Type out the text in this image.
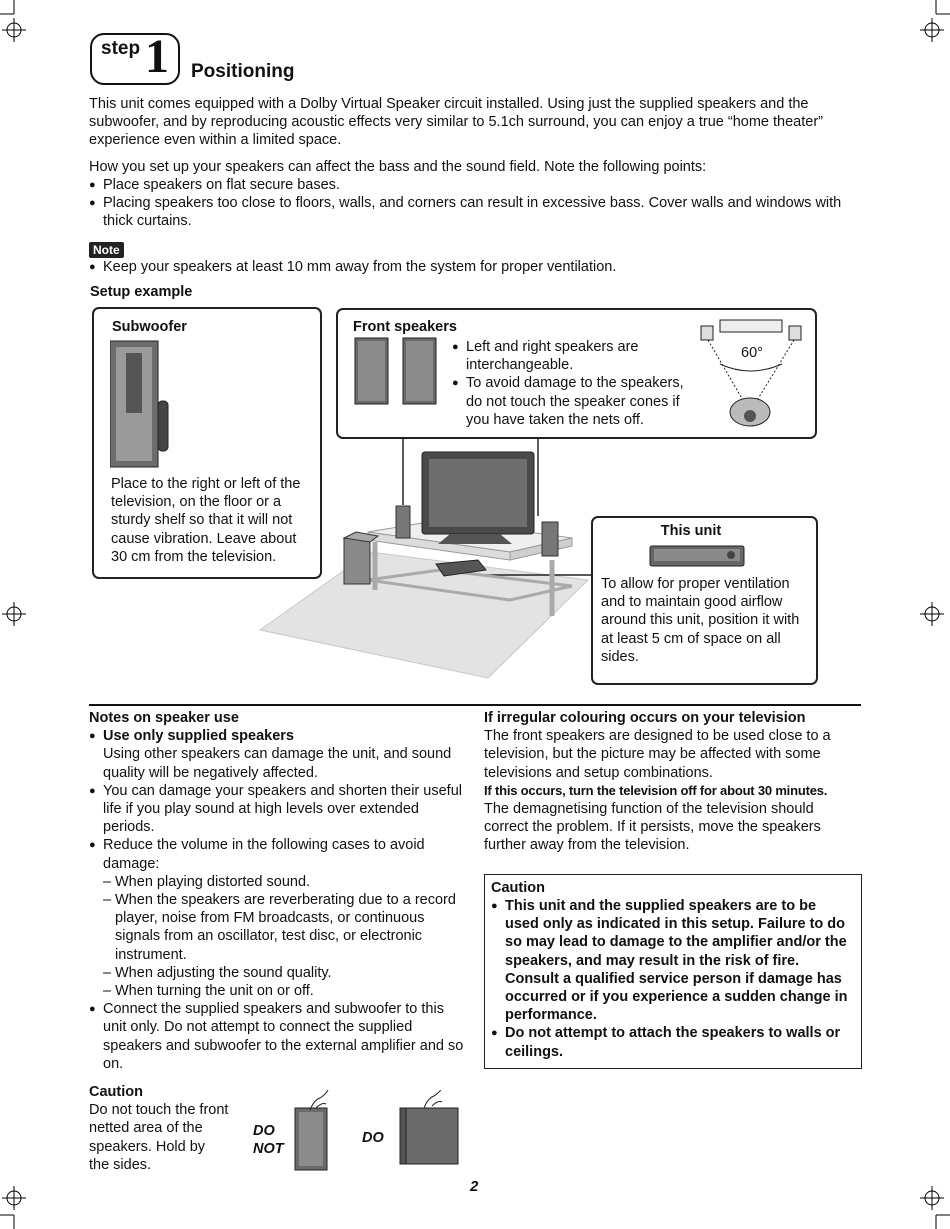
step 1 Positioning

This unit comes equipped with a Dolby Virtual Speaker circuit installed. Using just the supplied speakers and the subwoofer, and by reproducing acoustic effects very similar to 5.1ch surround, you can enjoy a true “home theater” experience even within a limited space.

How you set up your speakers can affect the bass and the sound field. Note the following points:

● Place speakers on flat secure bases.
● Placing speakers too close to floors, walls, and corners can result in excessive bass. Cover walls and windows with thick curtains.
Note
● Keep your speakers at least 10 mm away from the system for proper ventilation.
Setup example
Subwoofer

Place to the right or left of the television, on the floor or a sturdy shelf so that it will not cause vibration. Leave about 30 cm from the television.

Front speakers
● Left and right speakers are interchangeable.
● To avoid damage to the speakers, do not touch the speaker cones if you have taken the nets off.
60°
This unit

To allow for proper ventilation and to maintain good airflow around this unit, position it with at least 5 cm of space on all sides.

Notes on speaker use
● Use only supplied speakers
Using other speakers can damage the unit, and sound quality will be negatively affected.
● You can damage your speakers and shorten their useful life if you play sound at high levels over extended periods.
● Reduce the volume in the following cases to avoid damage:
– When playing distorted sound.
– When the speakers are reverberating due to a record player, noise from FM broadcasts, or continuous signals from an oscillator, test disc, or electronic instrument.
– When adjusting the sound quality.
– When turning the unit on or off.
● Connect the supplied speakers and subwoofer to this unit only. Do not attempt to connect the supplied speakers and subwoofer to the external amplifier and so on.
Caution

Do not touch the front netted area of the speakers. Hold by the sides.

DO
NOT
DO
If irregular colouring occurs on your television

The front speakers are designed to be used close to a television, but the picture may be affected with some televisions and setup combinations.

If this occurs, turn the television off for about 30 minutes.

The demagnetising function of the television should correct the problem. If it persists, move the speakers further away from the television.

Caution
● This unit and the supplied speakers are to be used only as indicated in this setup. Failure to do so may lead to damage to the amplifier and/or the speakers, and may result in the risk of fire. Consult a qualified service person if damage has occurred or if you experience a sudden change in performance.
● Do not attempt to attach the speakers to walls or ceilings.
2
